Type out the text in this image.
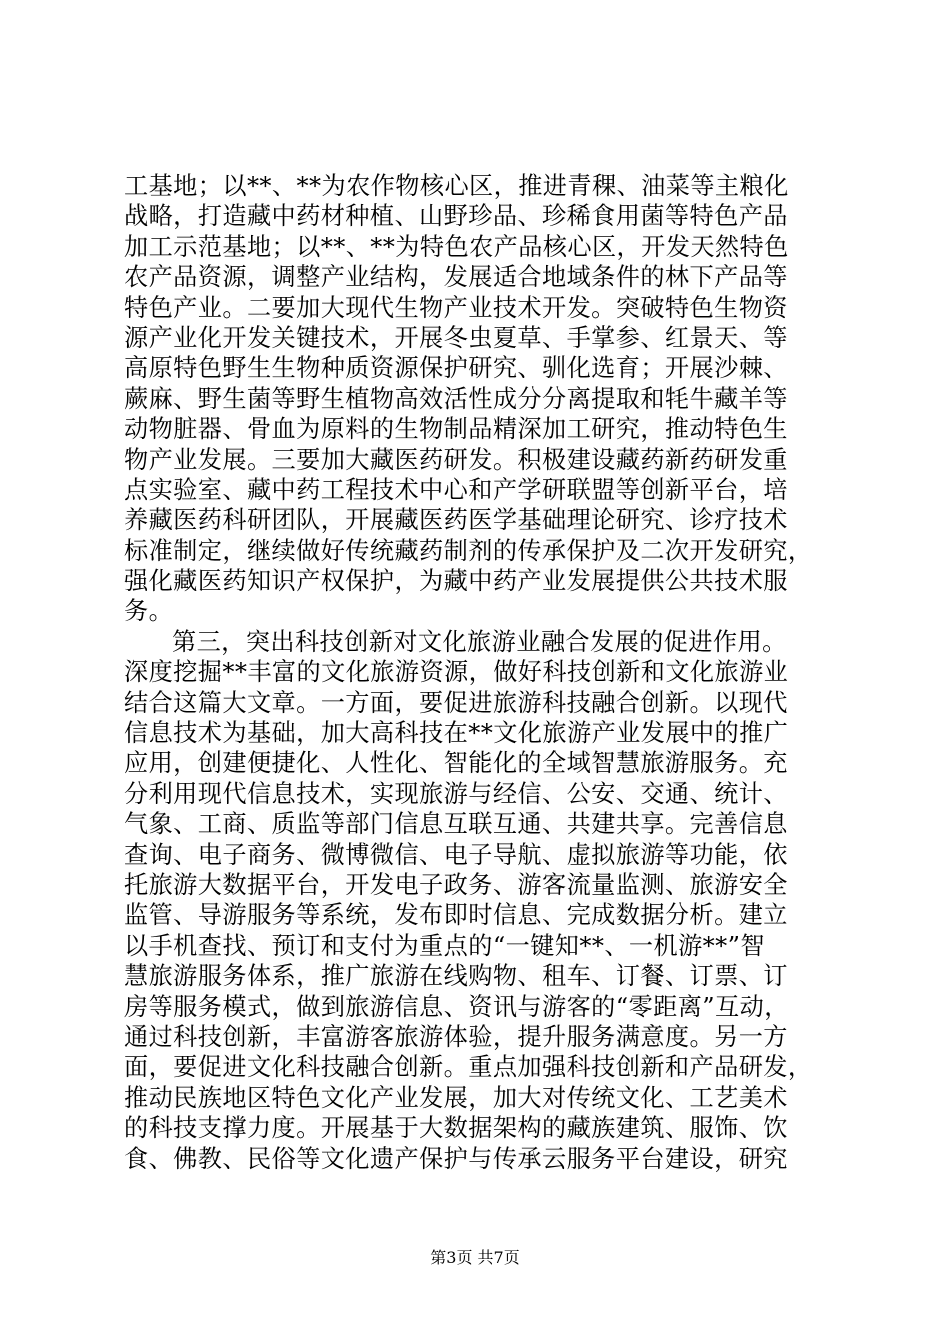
工基地；以**、**为农作物核心区，推进青稞、油菜等主粮化
战略，打造藏中药材种植、山野珍品、珍稀食用菌等特色产品
加工示范基地；以**、**为特色农产品核心区，开发天然特色
农产品资源，调整产业结构，发展适合地域条件的林下产品等
特色产业。二要加大现代生物产业技术开发。突破特色生物资
源产业化开发关键技术，开展冬虫夏草、手掌参、红景天、等
高原特色野生生物种质资源保护研究、驯化选育；开展沙棘、
蕨麻、野生菌等野生植物高效活性成分分离提取和牦牛藏羊等
动物脏器、骨血为原料的生物制品精深加工研究，推动特色生
物产业发展。三要加大藏医药研发。积极建设藏药新药研发重
点实验室、藏中药工程技术中心和产学研联盟等创新平台，培
养藏医药科研团队，开展藏医药医学基础理论研究、诊疗技术
标准制定，继续做好传统藏药制剂的传承保护及二次开发研究，
强化藏医药知识产权保护，为藏中药产业发展提供公共技术服
务。
第三，突出科技创新对文化旅游业融合发展的促进作用。
深度挖掘**丰富的文化旅游资源，做好科技创新和文化旅游业
结合这篇大文章。一方面，要促进旅游科技融合创新。以现代
信息技术为基础，加大高科技在**文化旅游产业发展中的推广
应用，创建便捷化、人性化、智能化的全域智慧旅游服务。充
分利用现代信息技术，实现旅游与经信、公安、交通、统计、
气象、工商、质监等部门信息互联互通、共建共享。完善信息
查询、电子商务、微博微信、电子导航、虚拟旅游等功能，依
托旅游大数据平台，开发电子政务、游客流量监测、旅游安全
监管、导游服务等系统，发布即时信息、完成数据分析。建立
以手机查找、预订和支付为重点的“一键知**、一机游**”智
慧旅游服务体系，推广旅游在线购物、租车、订餐、订票、订
房等服务模式，做到旅游信息、资讯与游客的“零距离”互动，
通过科技创新，丰富游客旅游体验，提升服务满意度。另一方
面，要促进文化科技融合创新。重点加强科技创新和产品研发，
推动民族地区特色文化产业发展，加大对传统文化、工艺美术
的科技支撑力度。开展基于大数据架构的藏族建筑、服饰、饮
食、佛教、民俗等文化遗产保护与传承云服务平台建设，研究
第3页 共7页
